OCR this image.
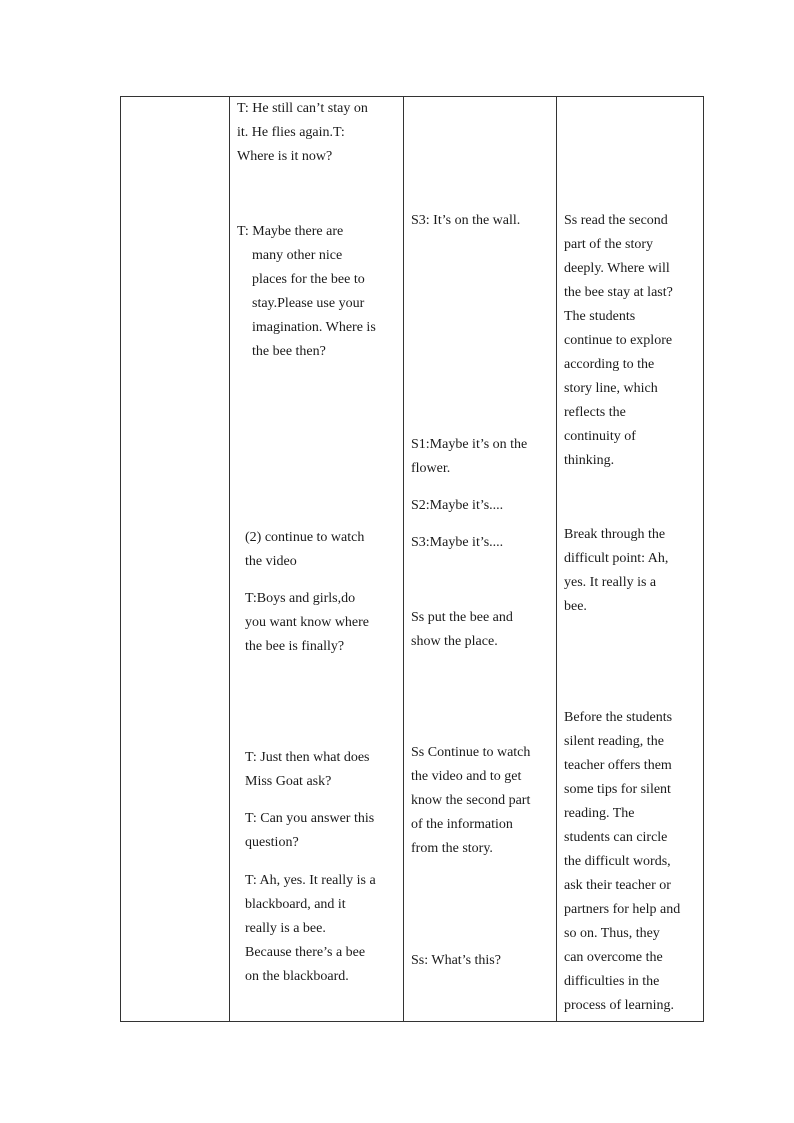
T: He still can’t stay on
it. He flies again.T:
Where is it now?

T: Maybe there are

many other nice
places for the bee to
stay.Please use your
imagination. Where is
the bee then?

(2) continue to watch
the video

T:Boys and girls,do
you want know where
the bee is finally?

T: Just then what does
Miss Goat ask?

T: Can you answer this
question?

T: Ah, yes. It really is a
blackboard, and it
really is a bee.
Because there’s a bee
on the blackboard.

S3: It’s on the wall.

S1:Maybe it’s on the
flower.

S2:Maybe it’s....

S3:Maybe it’s....

Ss put the bee and
show the place.

Ss Continue to watch
the video and to get
know the second part
of the information
from the story.

Ss: What’s this?

Ss read the second
part of the story
deeply. Where will
the bee stay at last?
The students
continue to explore
according to the
story line, which
reflects the
continuity of
thinking.

Break through the
difficult point: Ah,
yes. It really is a
bee.

Before the students
silent reading, the
teacher offers them
some tips for silent
reading. The
students can circle
the difficult words,
ask their teacher or
partners for help and
so on. Thus, they
can overcome the
difficulties in the
process of learning.
